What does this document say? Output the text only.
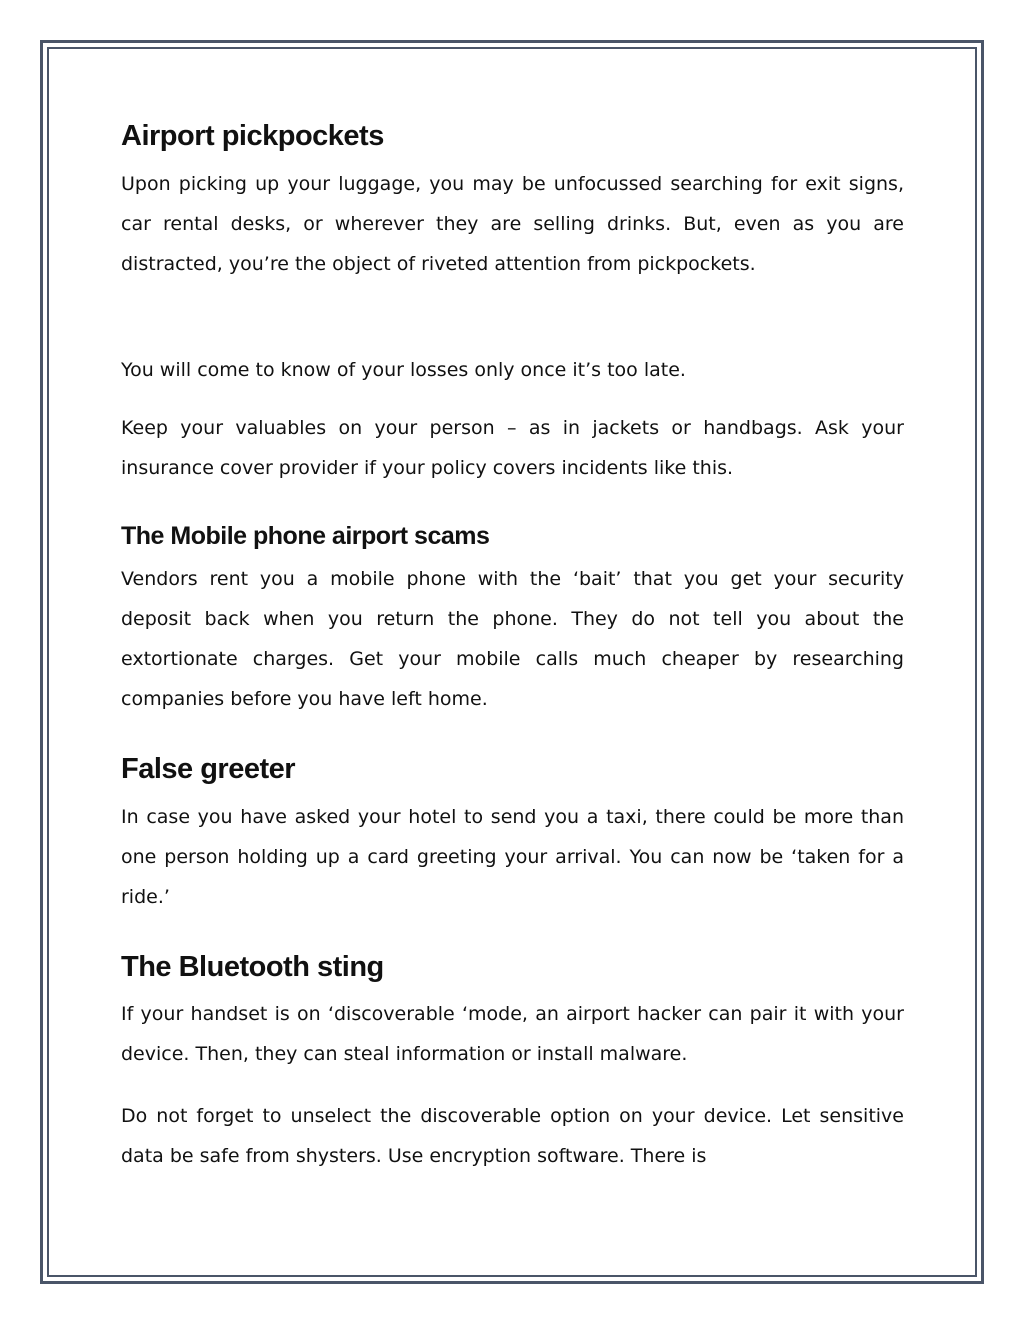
Airport pickpockets

Upon picking up your luggage, you may be unfocussed searching for exit signs, car rental desks, or wherever they are selling drinks. But, even as you are distracted, you’re the object of riveted attention from pickpockets.

You will come to know of your losses only once it’s too late.

Keep your valuables on your person – as in jackets or handbags. Ask your insurance cover provider if your policy covers incidents like this.

The Mobile phone airport scams

Vendors rent you a mobile phone with the ‘bait’ that you get your security deposit back when you return the phone. They do not tell you about the extortionate charges. Get your mobile calls much cheaper by researching companies before you have left home.

False greeter

In case you have asked your hotel to send you a taxi, there could be more than one person holding up a card greeting your arrival. You can now be ‘taken for a ride.’

The Bluetooth sting

If your handset is on ‘discoverable ‘mode, an airport hacker can pair it with your device. Then, they can steal information or install malware.

Do not forget to unselect the discoverable option on your device. Let sensitive data be safe from shysters. Use encryption software. There is
